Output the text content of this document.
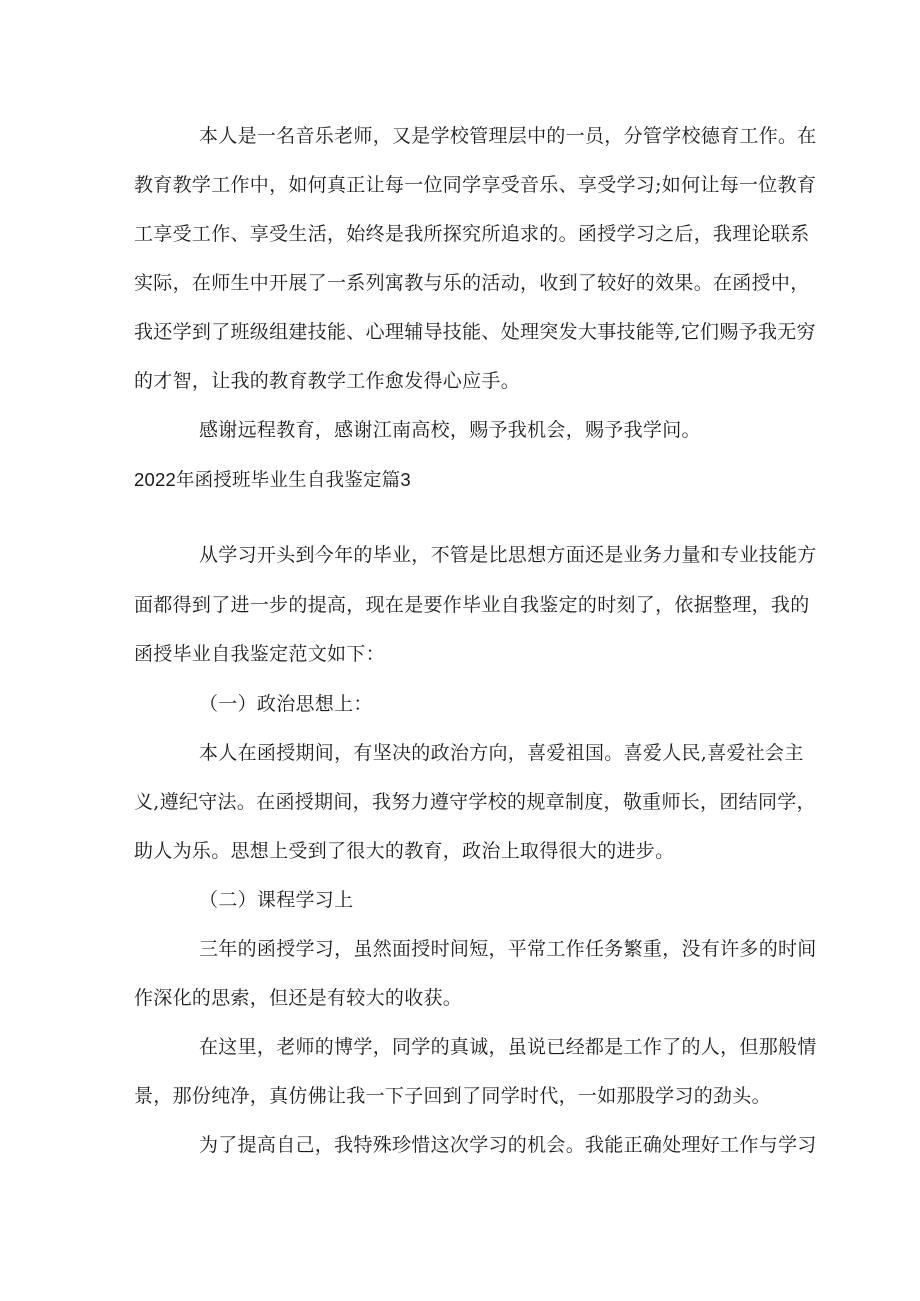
本人是一名音乐老师，又是学校管理层中的一员，分管学校德育工作。在
教育教学工作中，如何真正让每一位同学享受音乐、享受学习;如何让每一位教育
工享受工作、享受生活，始终是我所探究所追求的。函授学习之后，我理论联系
实际，在师生中开展了一系列寓教与乐的活动，收到了较好的效果。在函授中，
我还学到了班级组建技能、心理辅导技能、处理突发大事技能等,它们赐予我无穷
的才智，让我的教育教学工作愈发得心应手。
感谢远程教育，感谢江南高校，赐予我机会，赐予我学问。
2022年函授班毕业生自我鉴定篇3
从学习开头到今年的毕业，不管是比思想方面还是业务力量和专业技能方
面都得到了进一步的提高，现在是要作毕业自我鉴定的时刻了，依据整理，我的
函授毕业自我鉴定范文如下：
（一）政治思想上：
本人在函授期间，有坚决的政治方向，喜爱祖国。喜爱人民,喜爱社会主
义,遵纪守法。在函授期间，我努力遵守学校的规章制度，敬重师长，团结同学，
助人为乐。思想上受到了很大的教育，政治上取得很大的进步。
（二）课程学习上
三年的函授学习，虽然面授时间短，平常工作任务繁重，没有许多的时间
作深化的思索，但还是有较大的收获。
在这里，老师的博学，同学的真诚，虽说已经都是工作了的人，但那般情
景，那份纯净，真仿佛让我一下子回到了同学时代，一如那股学习的劲头。
为了提高自己，我特殊珍惜这次学习的机会。我能正确处理好工作与学习
